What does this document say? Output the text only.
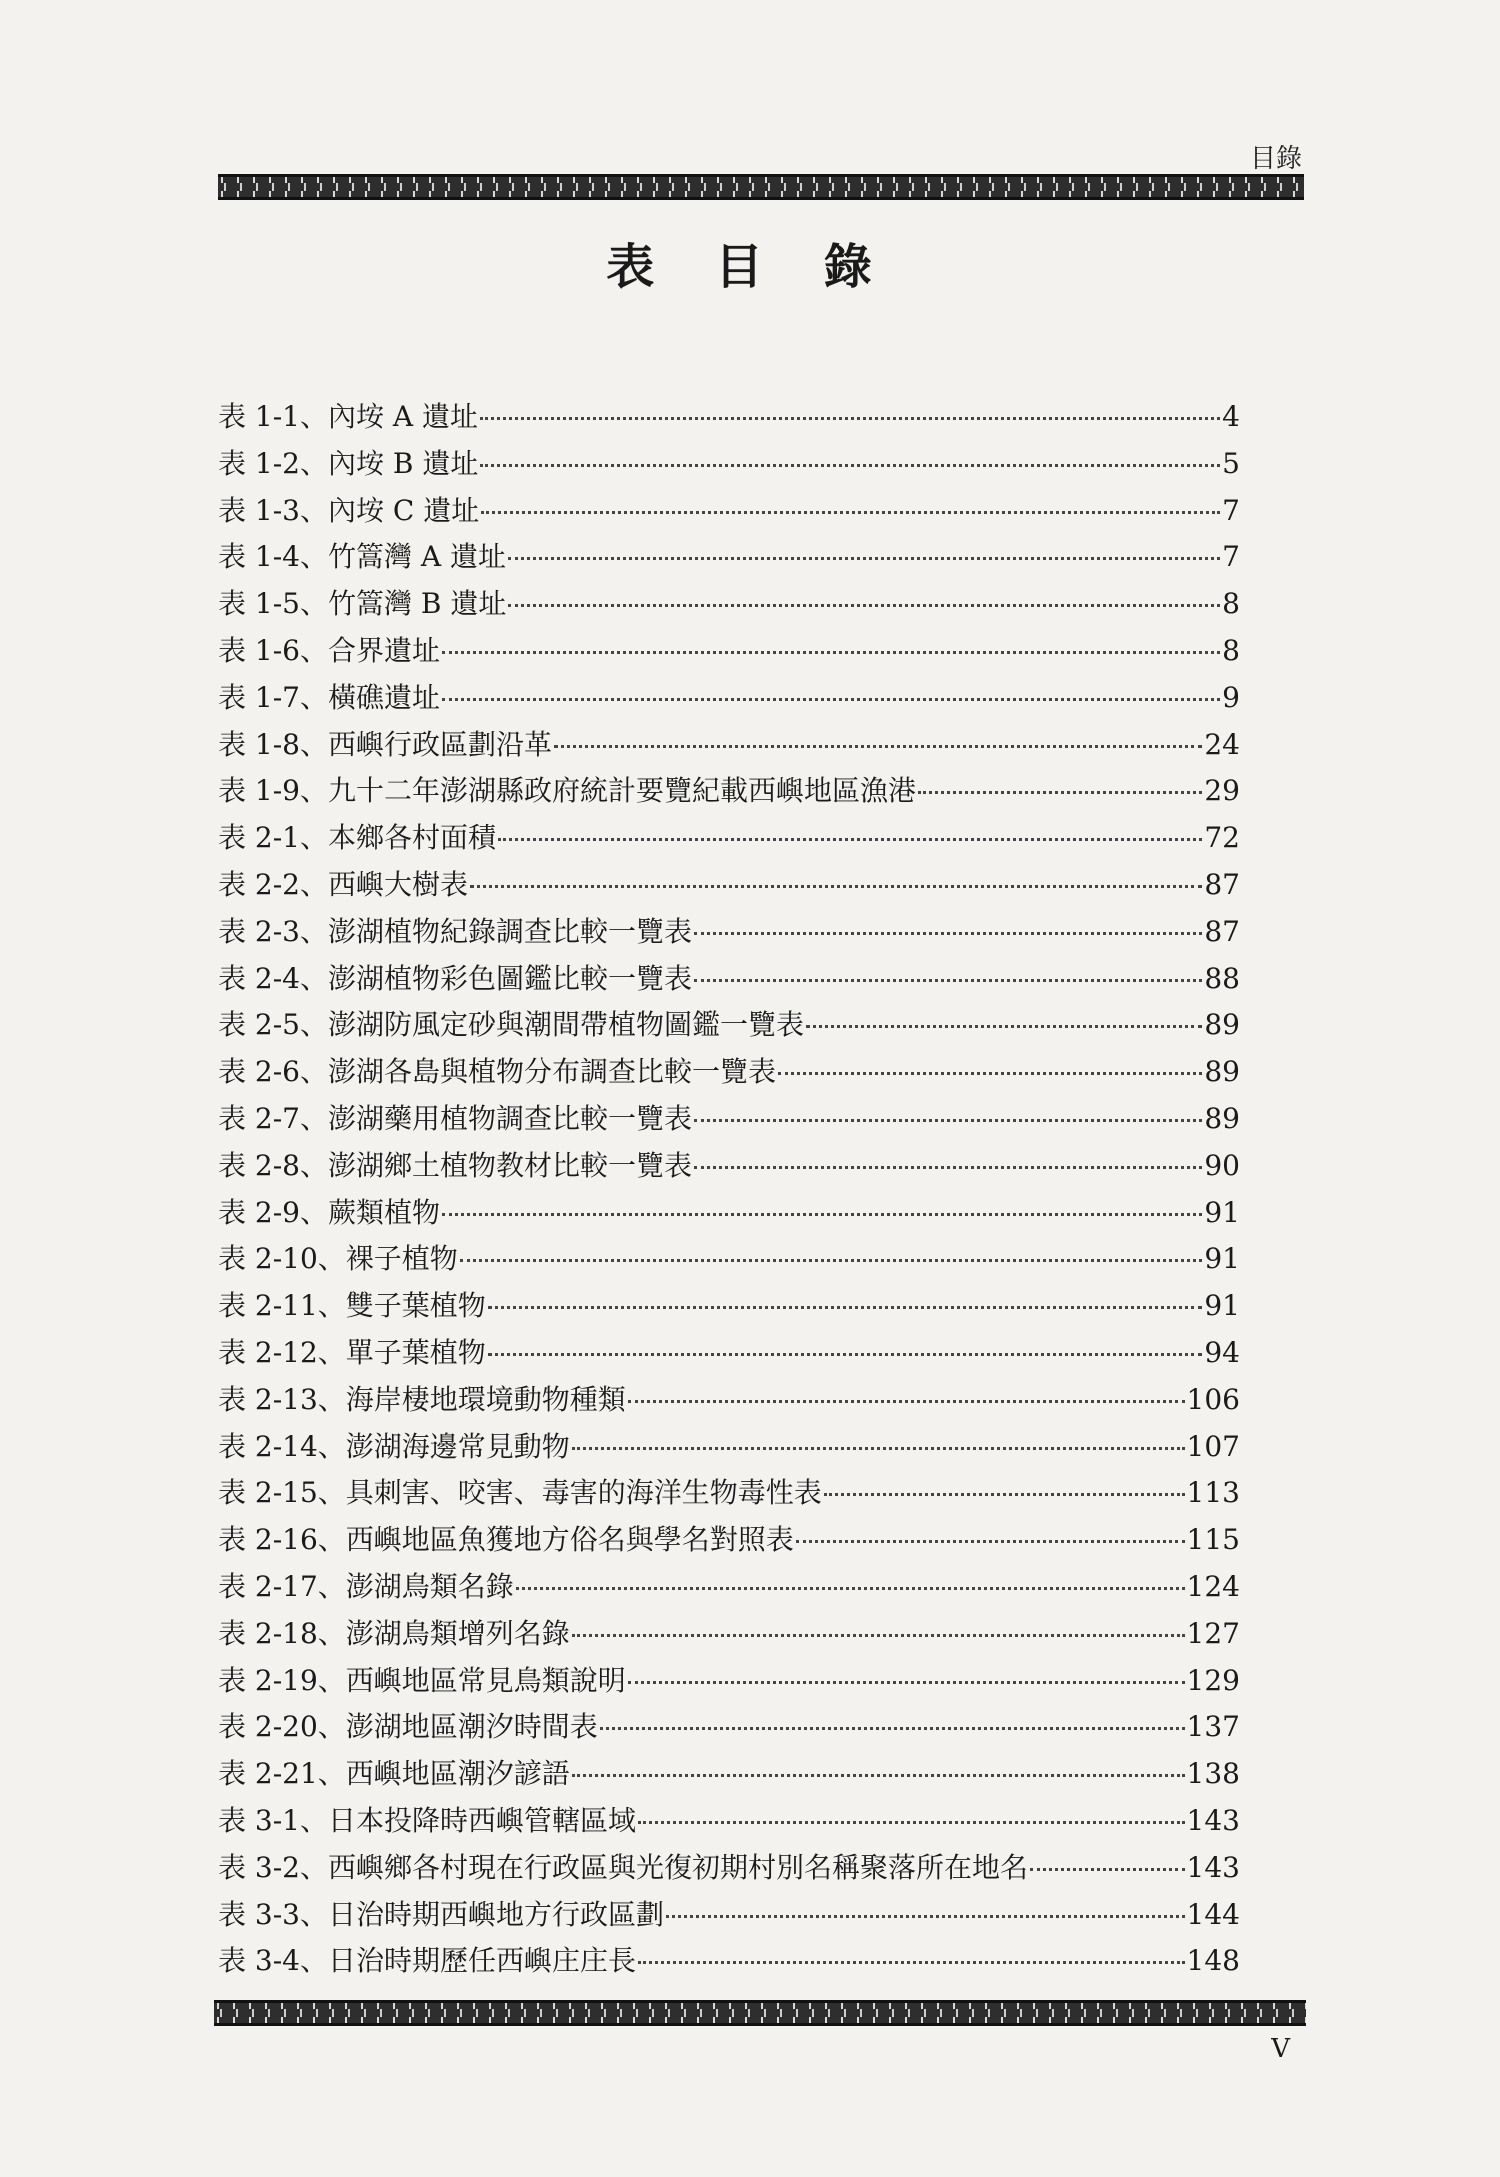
目錄
表 目 錄
表 1-1、內垵 A 遺址	4
表 1-2、內垵 B 遺址	5
表 1-3、內垵 C 遺址	7
表 1-4、竹篙灣 A 遺址	7
表 1-5、竹篙灣 B 遺址	8
表 1-6、合界遺址	8
表 1-7、橫礁遺址	9
表 1-8、西嶼行政區劃沿革	24
表 1-9、九十二年澎湖縣政府統計要覽紀載西嶼地區漁港	29
表 2-1、本鄉各村面積	72
表 2-2、西嶼大樹表	87
表 2-3、澎湖植物紀錄調查比較一覽表	87
表 2-4、澎湖植物彩色圖鑑比較一覽表	88
表 2-5、澎湖防風定砂與潮間帶植物圖鑑一覽表	89
表 2-6、澎湖各島與植物分布調查比較一覽表	89
表 2-7、澎湖藥用植物調查比較一覽表	89
表 2-8、澎湖鄉土植物教材比較一覽表	90
表 2-9、蕨類植物	91
表 2-10、裸子植物	91
表 2-11、雙子葉植物	91
表 2-12、單子葉植物	94
表 2-13、海岸棲地環境動物種類	106
表 2-14、澎湖海邊常見動物	107
表 2-15、具刺害、咬害、毒害的海洋生物毒性表	113
表 2-16、西嶼地區魚獲地方俗名與學名對照表	115
表 2-17、澎湖鳥類名錄	124
表 2-18、澎湖鳥類增列名錄	127
表 2-19、西嶼地區常見鳥類說明	129
表 2-20、澎湖地區潮汐時間表	137
表 2-21、西嶼地區潮汐諺語	138
表 3-1、日本投降時西嶼管轄區域	143
表 3-2、西嶼鄉各村現在行政區與光復初期村別名稱聚落所在地名	143
表 3-3、日治時期西嶼地方行政區劃	144
表 3-4、日治時期歷任西嶼庄庄長	148
V
